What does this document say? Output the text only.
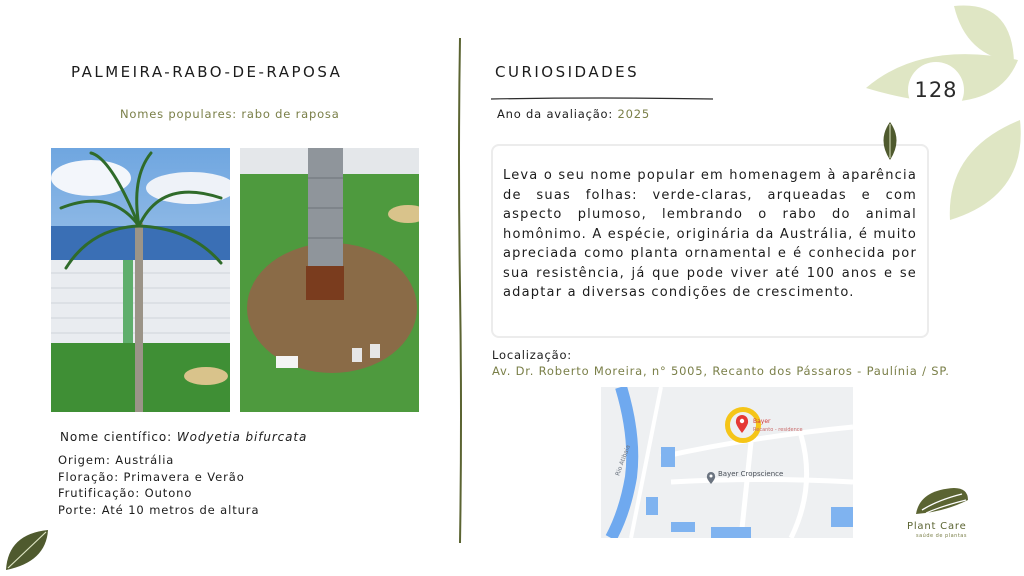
PALMEIRA-RABO-DE-RAPOSA
Nomes populares: rabo de raposa
Nome científico: Wodyetia bifurcata
Origem: Austrália
Floração: Primavera e Verão
Frutificação: Outono
Porte: Até 10 metros de altura
CURIOSIDADES
Ano da avaliação: 2025

Leva o seu nome popular em homenagem à aparência de suas folhas: verde-claras, arqueadas e com aspecto plumoso, lembrando o rabo do animal homônimo. A espécie, originária da Austrália, é muito apreciada como planta ornamental e é conhecida por sua resistência, já que pode viver até 100 anos e se adaptar a diversas condições de crescimento.

Localização:
Av. Dr. Roberto Moreira, n° 5005, Recanto dos Pássaros - Paulínia / SP.
Rio Atibaia
Bayer
Recanto - residence
Bayer Cropscience
128
Plant Care
saúde de plantas
